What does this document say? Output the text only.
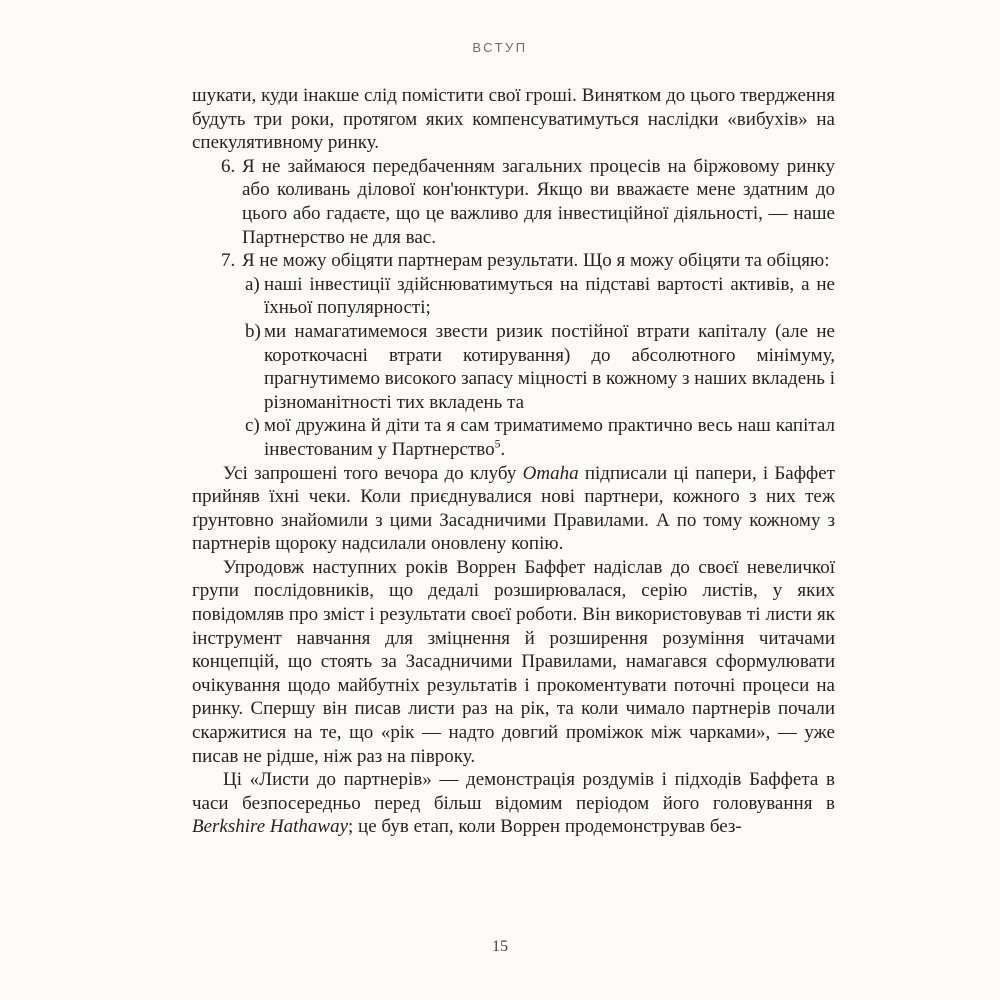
ВСТУП

шукати, куди інакше слід помістити свої гроші. Винятком до цього твердження будуть три роки, протягом яких компенсуватимуться наслідки «вибухів» на спекулятивному ринку.

6. Я не займаюся передбаченням загальних процесів на біржовому ринку або коливань ділової кон'юнктури. Якщо ви вважаєте мене здатним до цього або гадаєте, що це важливо для інвестиційної діяльності, — наше Партнерство не для вас.
7. Я не можу обіцяти партнерам результати. Що я можу обіцяти та обіцяю:
a) наші інвестиції здійснюватимуться на підставі вартості активів, а не їхньої популярності;
b) ми намагатимемося звести ризик постійної втрати капіталу (але не короткочасні втрати котирування) до абсолютного мінімуму, прагнутимемо високого запасу міцності в кожному з наших вкладень і різноманітності тих вкладень та
c) мої дружина й діти та я сам триматимемо практично весь наш капітал інвестованим у Партнерство$^5$.

Усі запрошені того вечора до клубу Omaha підписали ці папери, і Баффет прийняв їхні чеки. Коли приєднувалися нові партнери, кожного з них теж ґрунтовно знайомили з цими Засадничими Правилами. А по тому кожному з партнерів щороку надсилали оновлену копію.

Упродовж наступних років Воррен Баффет надіслав до своєї невеличкої групи послідовників, що дедалі розширювалася, серію листів, у яких повідомляв про зміст і результати своєї роботи. Він використовував ті листи як інструмент навчання для зміцнення й розширення розуміння читачами концепцій, що стоять за Засадничими Правилами, намагався сформулювати очікування щодо майбутніх результатів і прокоментувати поточні процеси на ринку. Спершу він писав листи раз на рік, та коли чимало партнерів почали скаржитися на те, що «рік — надто довгий проміжок між чарками», — уже писав не рідше, ніж раз на півроку.

Ці «Листи до партнерів» — демонстрація роздумів і підходів Баффета в часи безпосередньо перед більш відомим періодом його головування в Berkshire Hathaway; це був етап, коли Воррен продемонстрував без-

15
